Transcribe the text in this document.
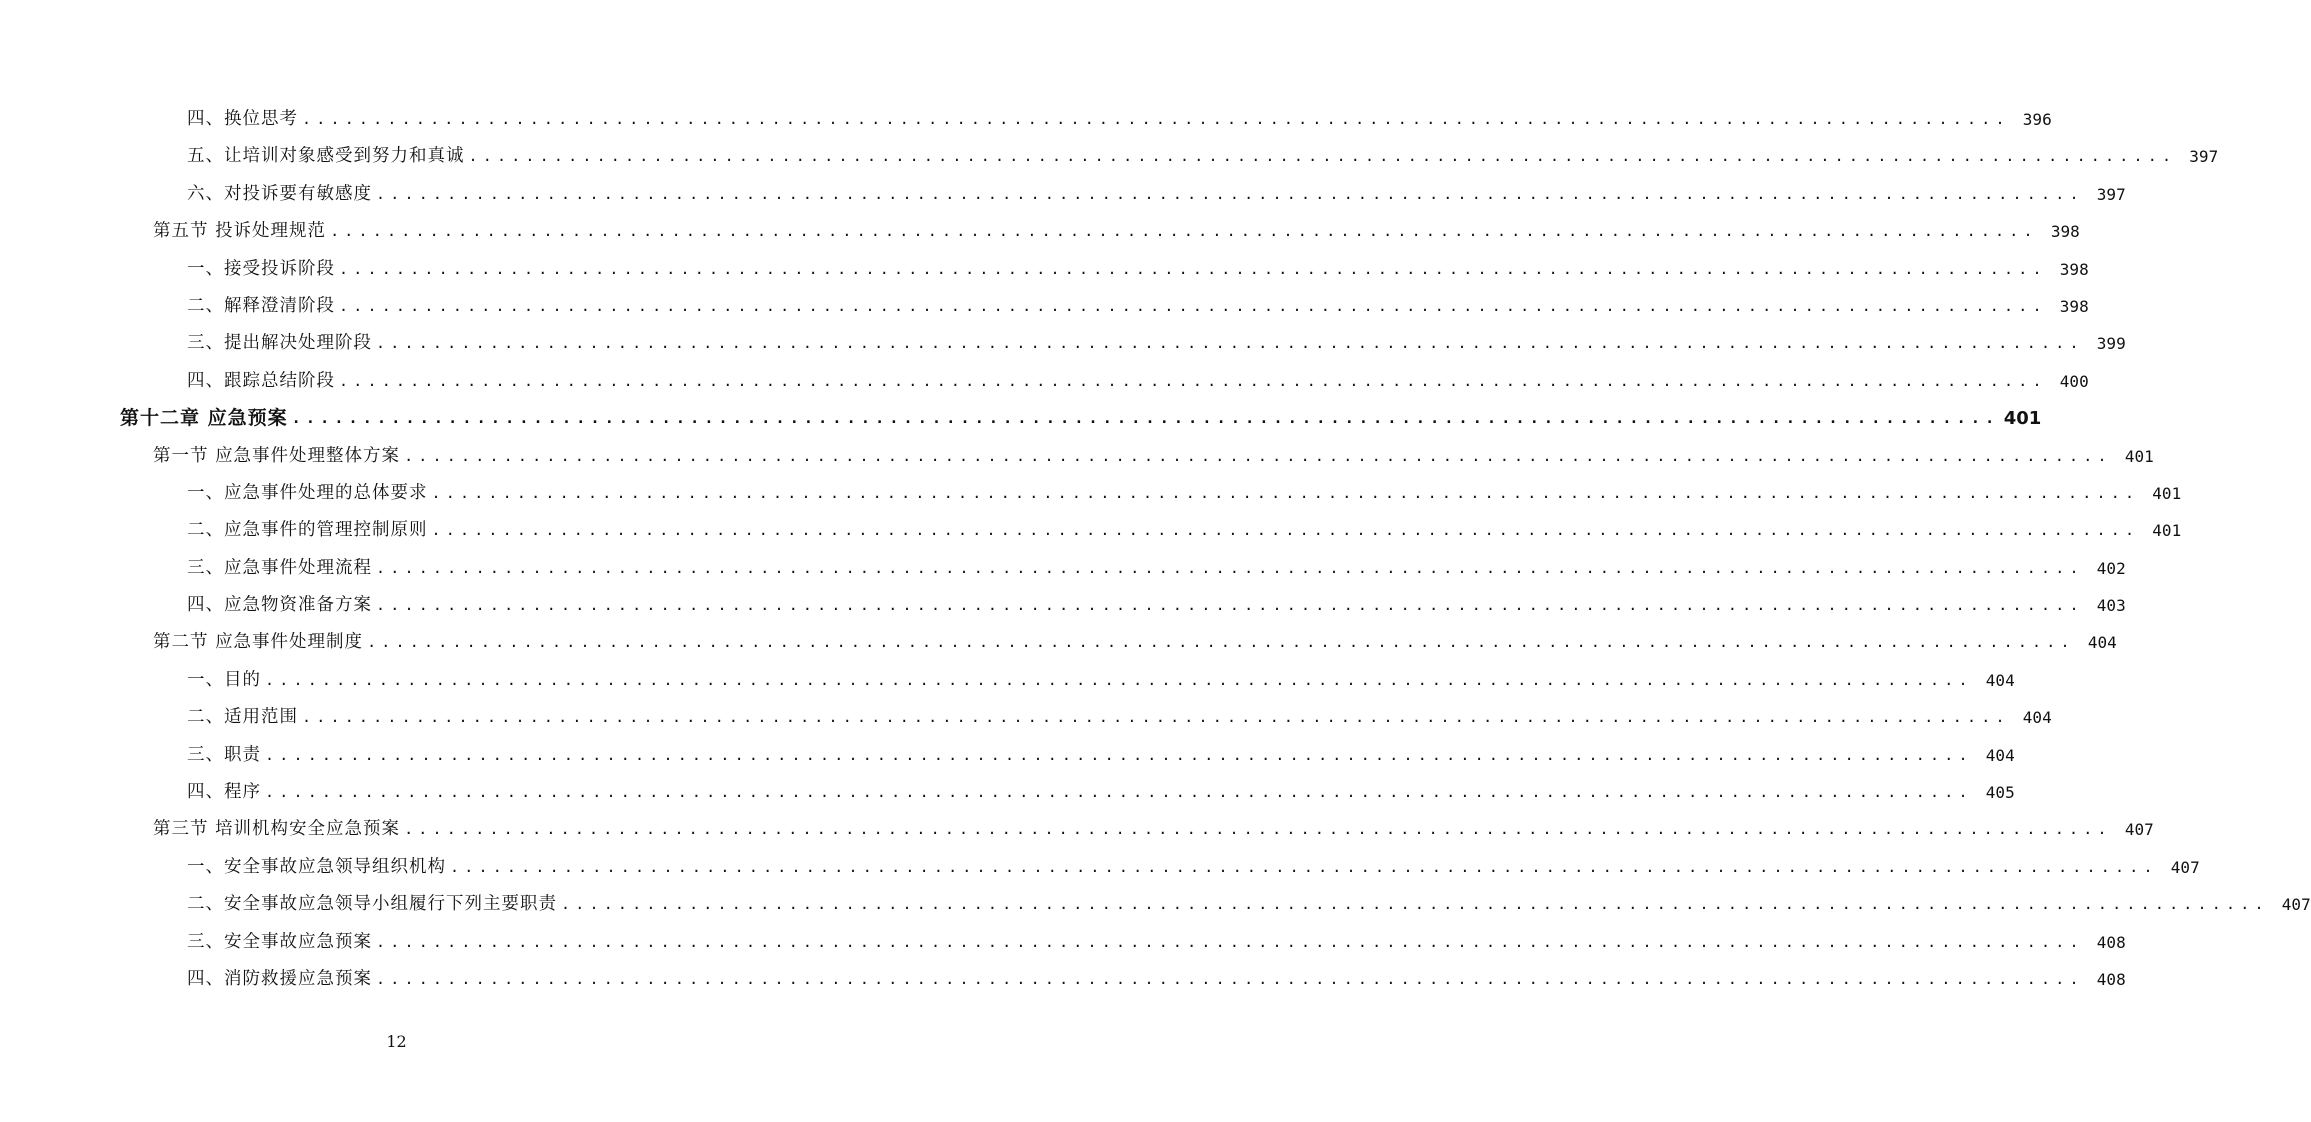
四、换位思考 ........................................................................................................................ 396
五、让培训对象感受到努力和真诚 ........................................................................................................................ 397
六、对投诉要有敏感度 ........................................................................................................................ 397
第五节 投诉处理规范 ........................................................................................................................ 398
一、接受投诉阶段 ........................................................................................................................ 398
二、解释澄清阶段 ........................................................................................................................ 398
三、提出解决处理阶段 ........................................................................................................................ 399
四、跟踪总结阶段 ........................................................................................................................ 400
第十二章 应急预案 ........................................................................................................................ 401
第一节 应急事件处理整体方案 ........................................................................................................................ 401
一、应急事件处理的总体要求 ........................................................................................................................ 401
二、应急事件的管理控制原则 ........................................................................................................................ 401
三、应急事件处理流程 ........................................................................................................................ 402
四、应急物资准备方案 ........................................................................................................................ 403
第二节 应急事件处理制度 ........................................................................................................................ 404
一、目的 ........................................................................................................................ 404
二、适用范围 ........................................................................................................................ 404
三、职责 ........................................................................................................................ 404
四、程序 ........................................................................................................................ 405
第三节 培训机构安全应急预案 ........................................................................................................................ 407
一、安全事故应急领导组织机构 ........................................................................................................................ 407
二、安全事故应急领导小组履行下列主要职责 ........................................................................................................................ 407
三、安全事故应急预案 ........................................................................................................................ 408
四、消防救援应急预案 ........................................................................................................................ 408
12
